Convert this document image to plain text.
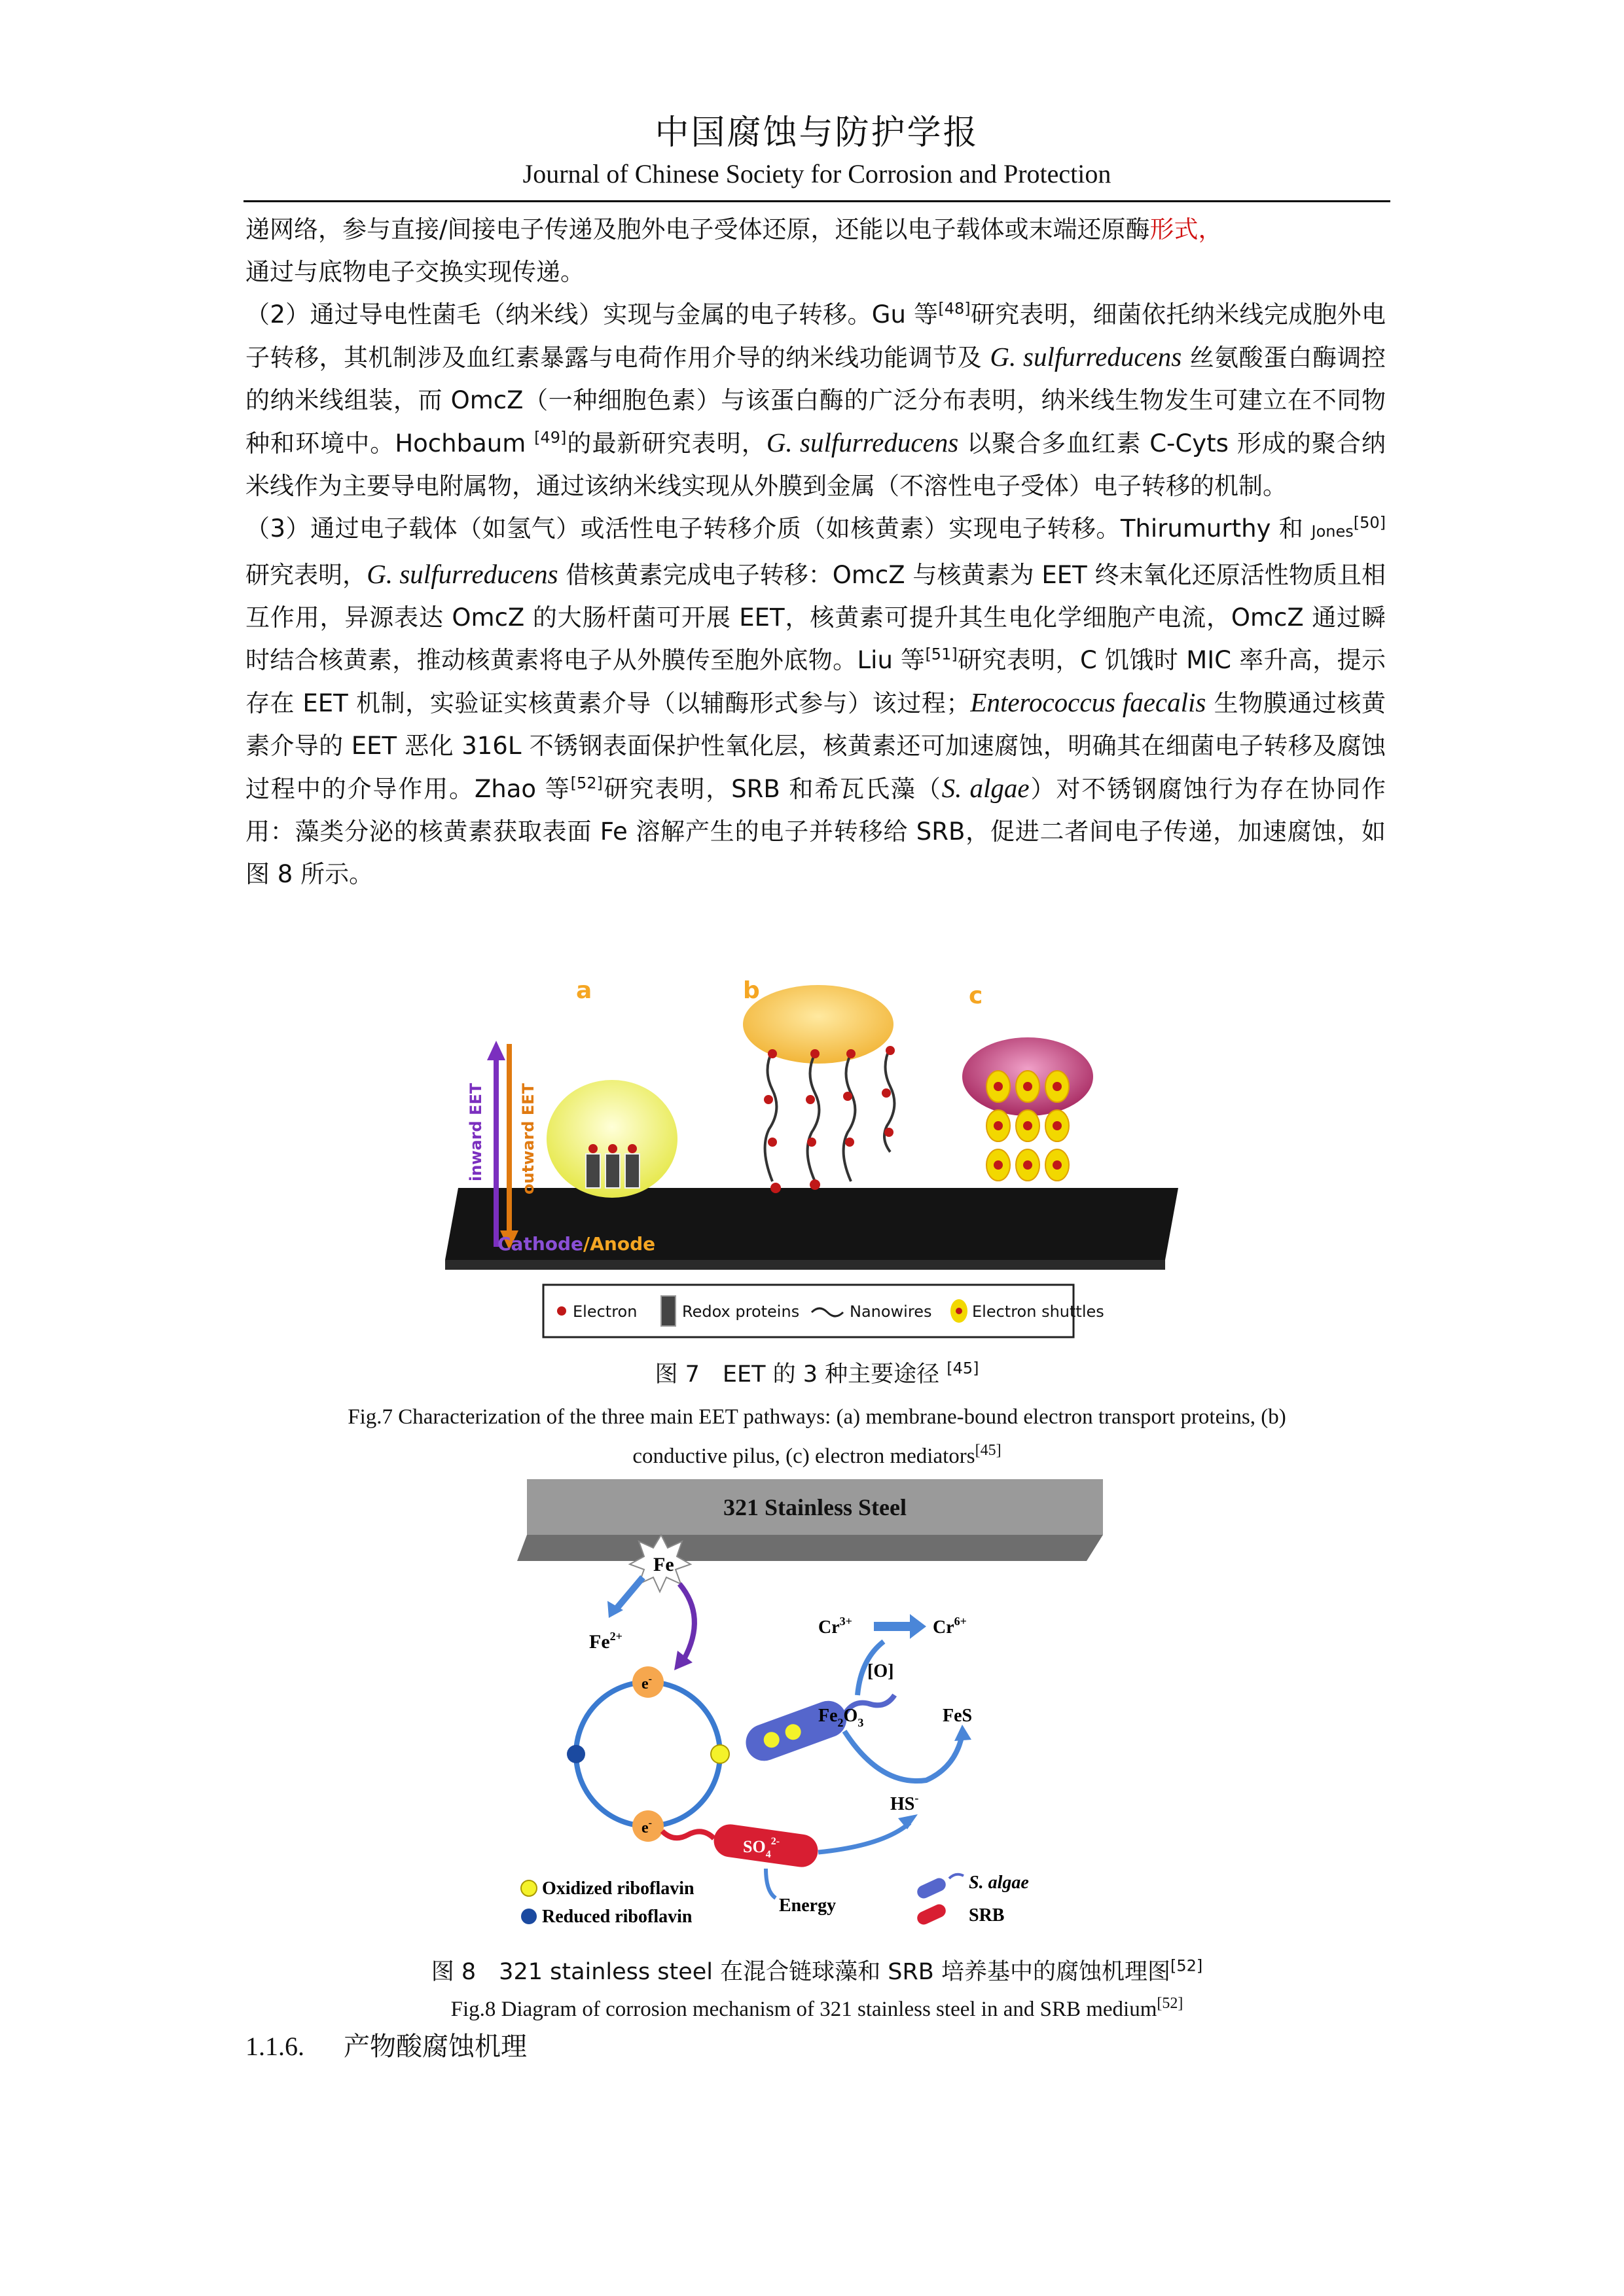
中国腐蚀与防护学报
Journal of Chinese Society for Corrosion and Protection

递网络，参与直接/间接电子传递及胞外电子受体还原，还能以电子载体或末端还原酶形式，
通过与底物电子交换实现传递。

（2）通过导电性菌毛（纳米线）实现与金属的电子转移。Gu 等[48]研究表明，细菌依托纳米线完成胞外电子转移，其机制涉及血红素暴露与电荷作用介导的纳米线功能调节及 G. sulfurreducens 丝氨酸蛋白酶调控的纳米线组装，而 OmcZ（一种细胞色素）与该蛋白酶的广泛分布表明，纳米线生物发生可建立在不同物种和环境中。Hochbaum [49]的最新研究表明，G. sulfurreducens 以聚合多血红素 C-Cyts 形成的聚合纳米线作为主要导电附属物，通过该纳米线实现从外膜到金属（不溶性电子受体）电子转移的机制。

（3）通过电子载体（如氢气）或活性电子转移介质（如核黄素）实现电子转移。Thirumurthy 和 Jones[50]研究表明，G. sulfurreducens 借核黄素完成电子转移：OmcZ 与核黄素为 EET 终末氧化还原活性物质且相互作用，异源表达 OmcZ 的大肠杆菌可开展 EET，核黄素可提升其生电化学细胞产电流，OmcZ 通过瞬时结合核黄素，推动核黄素将电子从外膜传至胞外底物。Liu 等[51]研究表明，C 饥饿时 MIC 率升高，提示存在 EET 机制，实验证实核黄素介导（以辅酶形式参与）该过程；Enterococcus faecalis 生物膜通过核黄素介导的 EET 恶化 316L 不锈钢表面保护性氧化层，核黄素还可加速腐蚀，明确其在细菌电子转移及腐蚀过程中的介导作用。Zhao 等[52]研究表明，SRB 和希瓦氏藻（S. algae）对不锈钢腐蚀行为存在协同作用：藻类分泌的核黄素获取表面 Fe 溶解产生的电子并转移给 SRB，促进二者间电子传递，加速腐蚀，如图 8 所示。

inward EET outward EET
a	b	c
Cathode/Anode
Electron	Redox proteins	Nanowires	Electron shuttles
图 7　EET 的 3 种主要途径 [45]
Fig.7 Characterization of the three main EET pathways: (a) membrane-bound electron transport proteins, (b)
conductive pilus, (c) electron mediators[45]
321 Stainless Steel
Fe
$Fe^{2+}$
e-
e-
$Cr^{3+}$	$Cr^{6+}$
[O]
$Fe_2O_3$	FeS
HS-
$SO_4^{2-}$
Energy
Oxidized riboflavin
Reduced riboflavin
S. algae
SRB
图 8　321 stainless steel 在混合链球藻和 SRB 培养基中的腐蚀机理图[52]
Fig.8 Diagram of corrosion mechanism of 321 stainless steel in and SRB medium[52]
1.1.6. 产物酸腐蚀机理
